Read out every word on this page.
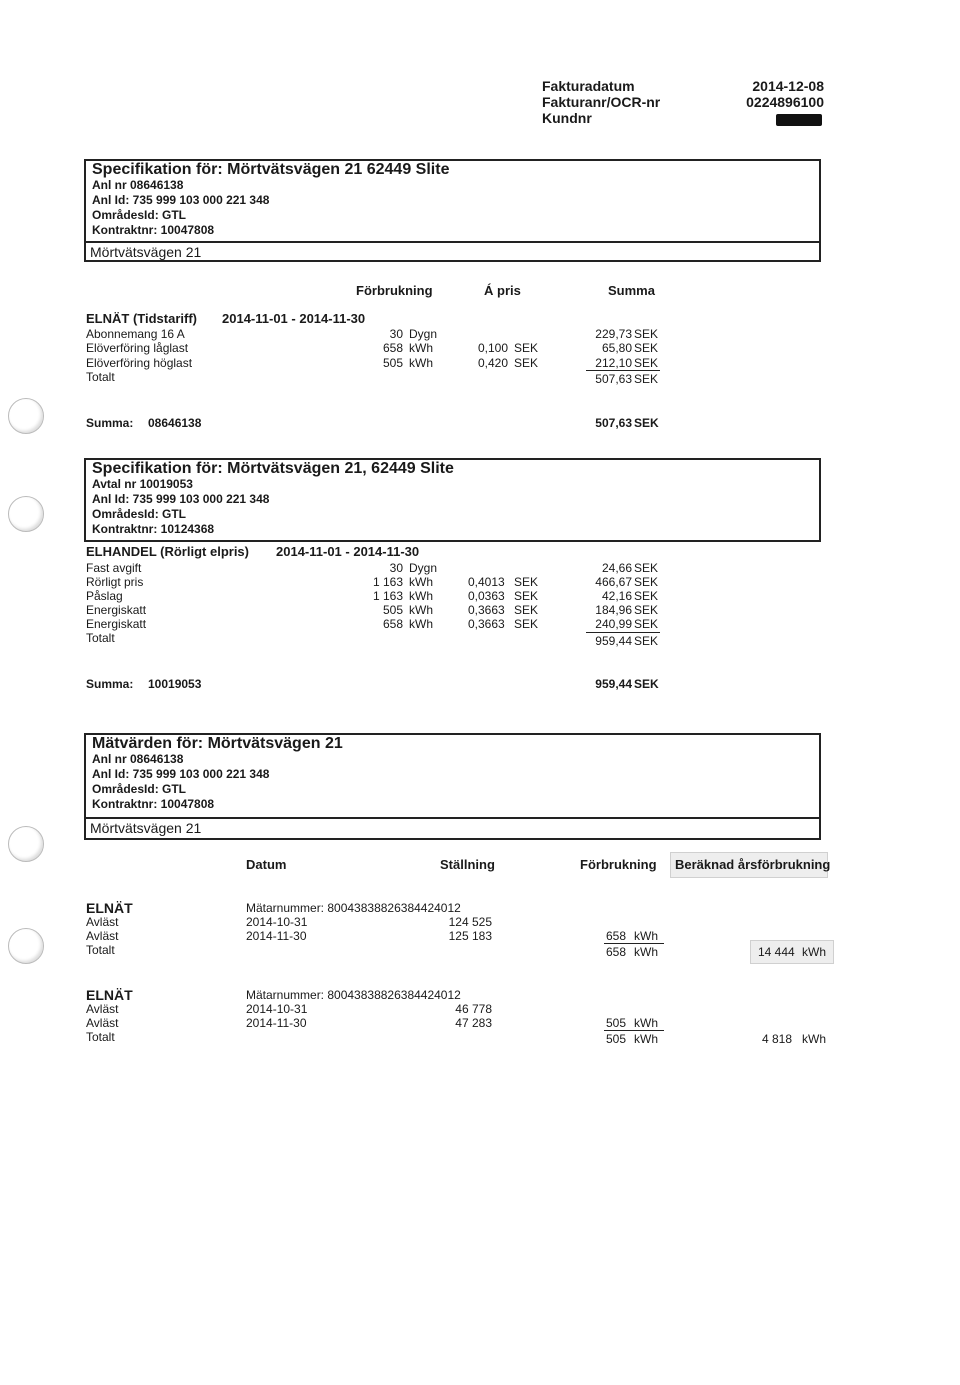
Fakturadatum	2014-12-08
Fakturanr/OCR-nr	0224896100
Kundnr
Specifikation för: Mörtvätsvägen 21 62449 Slite
Anl nr 08646138
Anl Id: 735 999 103 000 221 348
OmrådesId: GTL
Kontraktnr: 10047808
Mörtvätsvägen 21
Förbrukning	Á pris	Summa
ELNÄT (Tidstariff) 2014-11-01 - 2014-11-30
Abonnemang 16 A	30 Dygn	229,73 SEK
Elöverföring låglast	658 kWh	0,100 SEK	65,80 SEK
Elöverföring höglast	505 kWh	0,420 SEK	212,10 SEK
Totalt	507,63 SEK
Summa: 08646138	507,63 SEK
Specifikation för: Mörtvätsvägen 21, 62449 Slite
Avtal nr 10019053
Anl Id: 735 999 103 000 221 348
OmrådesId: GTL
Kontraktnr: 10124368
ELHANDEL (Rörligt elpris) 2014-11-01 - 2014-11-30
Fast avgift	30 Dygn	24,66 SEK
Rörligt pris	1 163 kWh	0,4013 SEK	466,67 SEK
Påslag	1 163 kWh	0,0363 SEK	42,16 SEK
Energiskatt	505 kWh	0,3663 SEK	184,96 SEK
Energiskatt	658 kWh	0,3663 SEK	240,99 SEK
Totalt	959,44 SEK
Summa: 10019053	959,44 SEK
Mätvärden för: Mörtvätsvägen 21
Anl nr 08646138
Anl Id: 735 999 103 000 221 348
OmrådesId: GTL
Kontraktnr: 10047808
Mörtvätsvägen 21
Datum	Ställning	Förbrukning Beräknad årsförbrukning
ELNÄT	Mätarnummer: 800438388263844240​12
Avläst	2014-10-31	124 525
Avläst	2014-11-30	125 183	658 kWh
Totalt	658 kWh	14 444 kWh
ELNÄT	Mätarnummer: 800438388263844240​12
Avläst	2014-10-31	46 778
Avläst	2014-11-30	47 283	505 kWh
Totalt	505 kWh	4 818 kWh
